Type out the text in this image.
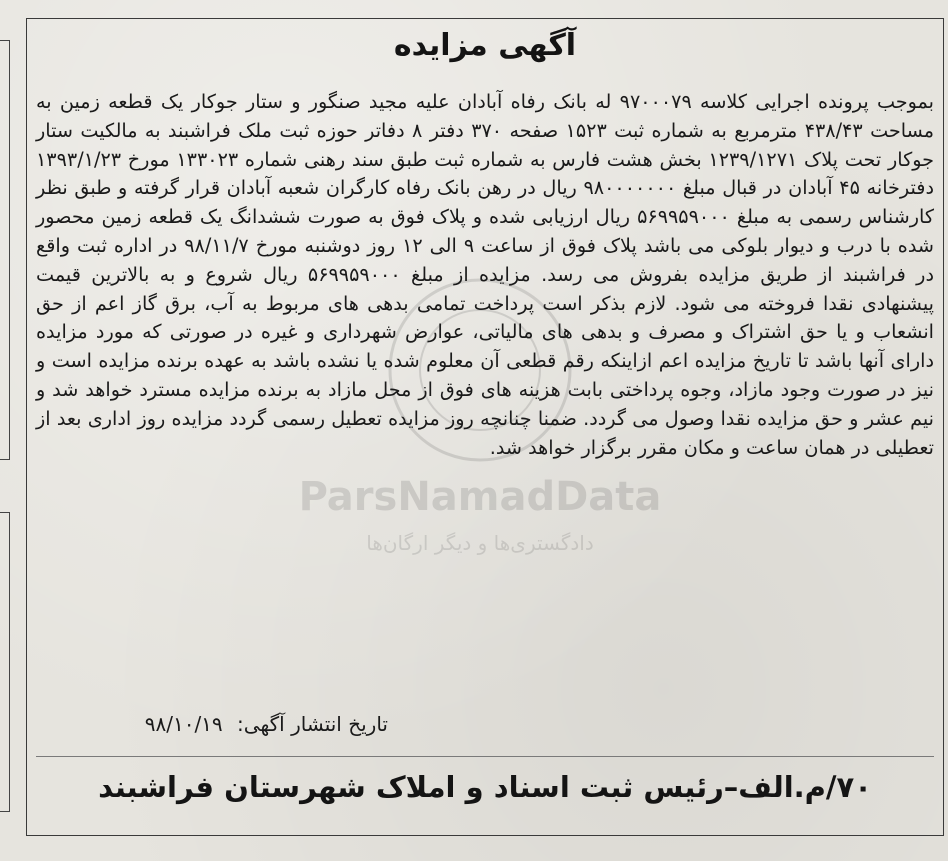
ParsNamadData
دادگستری‌ها و دیگر ارگان‌ها
آگهی مزایده
بموجب پرونده اجرایی کلاسه ۹۷۰۰۰۷۹ له بانک رفاه آبادان علیه مجید صنگور و ستار جوکار یک قطعه زمین به مساحت ۴۳۸/۴۳ مترمربع به شماره ثبت ۱۵۲۳ صفحه ۳۷۰ دفتر ۸ دفاتر حوزه ثبت ملک فراشبند به مالکیت ستار جوکار تحت پلاک ۱۲۳۹/۱۲۷۱ بخش هشت فارس به شماره ثبت طبق سند رهنی شماره ۱۳۳۰۲۳ مورخ ۱۳۹۳/۱/۲۳ دفترخانه ۴۵ آبادان در قبال مبلغ ۹۸۰۰۰۰۰۰۰ ریال در رهن بانک رفاه کارگران شعبه آبادان قرار گرفته و طبق نظر کارشناس رسمی به مبلغ ۵۶۹۹۵۹۰۰۰ ریال ارزیابی شده و پلاک فوق به صورت ششدانگ یک قطعه زمین محصور شده با درب و دیوار بلوکی می باشد پلاک فوق از ساعت ۹ الی ۱۲ روز دوشنبه مورخ ۹۸/۱۱/۷ در اداره ثبت واقع در فراشبند از طریق مزایده بفروش می رسد. مزایده از مبلغ ۵۶۹۹۵۹۰۰۰ ریال شروع و به بالاترین قیمت پیشنهادی نقدا فروخته می شود. لازم بذکر است پرداخت تمامی بدهی های مربوط به آب، برق گاز اعم از حق انشعاب و یا حق اشتراک و مصرف و بدهی های مالیاتی، عوارض شهرداری و غیره در صورتی که مورد مزایده دارای آنها باشد تا تاریخ مزایده اعم ازاینکه رقم قطعی آن معلوم شده یا نشده باشد به عهده برنده مزایده است و نیز در صورت وجود مازاد، وجوه پرداختی بابت هزینه های فوق از محل مازاد به برنده مزایده مسترد خواهد شد و نیم عشر و حق مزایده نقدا وصول می گردد. ضمنا چنانچه روز مزایده تعطیل رسمی گردد مزایده روز اداری بعد از تعطیلی در همان ساعت و مکان مقرر برگزار خواهد شد.
تاریخ انتشار آگهی: ۹۸/۱۰/۱۹
۷۰/م.الف–رئیس ثبت اسناد و املاک شهرستان فراشبند
